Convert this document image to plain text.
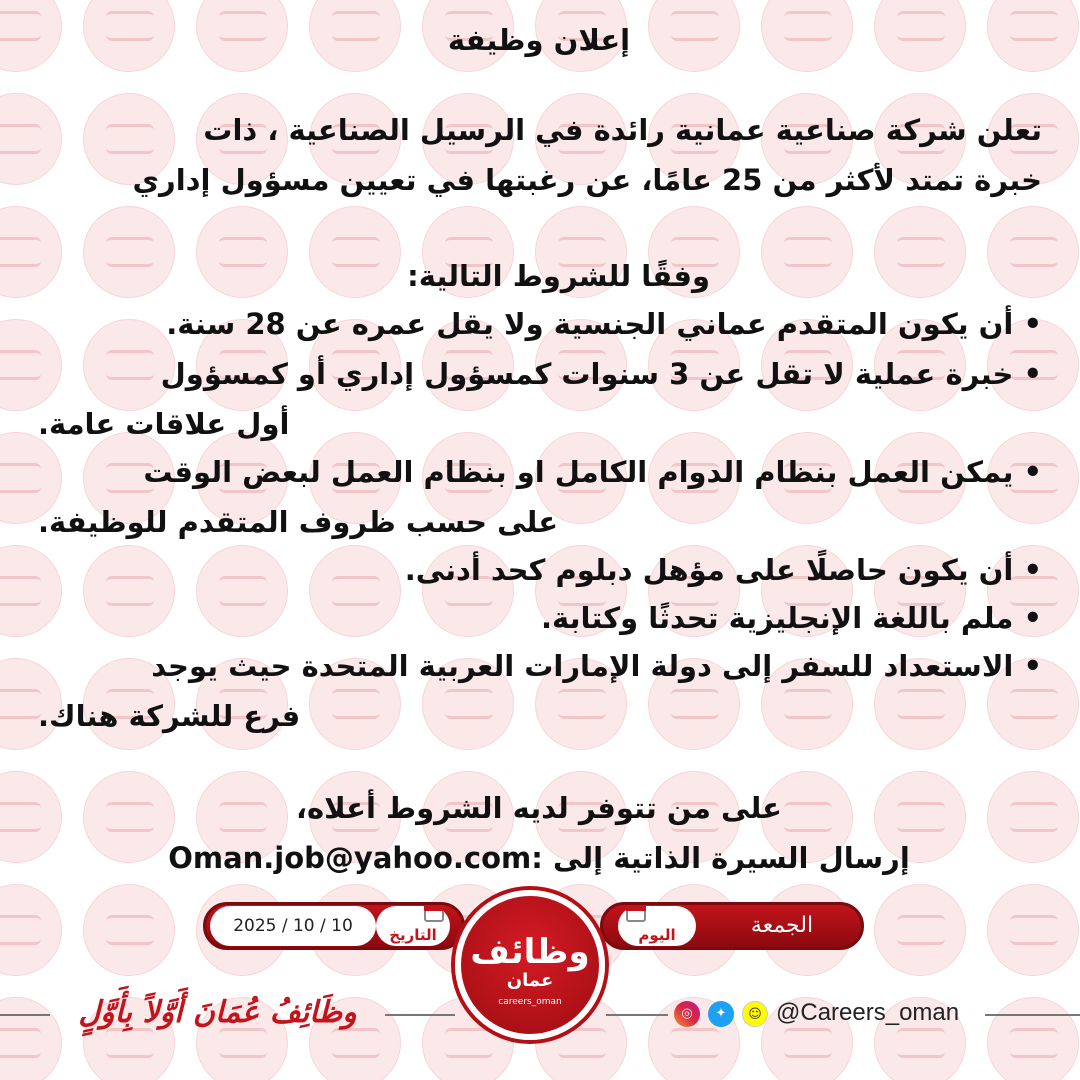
إعلان وظيفة
تعلن شركة صناعية عمانية رائدة في الرسيل الصناعية ، ذات
خبرة تمتد لأكثر من 25 عامًا، عن رغبتها في تعيين مسؤول إداري
وفقًا للشروط التالية:
• أن يكون المتقدم عماني الجنسية ولا يقل عمره عن 28 سنة.
• خبرة عملية لا تقل عن 3 سنوات كمسؤول إداري أو كمسؤول
أول علاقات عامة.
• يمكن العمل بنظام الدوام الكامل او بنظام العمل لبعض الوقت
على حسب ظروف المتقدم للوظيفة.
• أن يكون حاصلًا على مؤهل دبلوم كحد أدنى.
• ملم باللغة الإنجليزية تحدثًا وكتابة.
• الاستعداد للسفر إلى دولة الإمارات العربية المتحدة حيث يوجد
فرع للشركة هناك.
على من تتوفر لديه الشروط أعلاه،
إرسال السيرة الذاتية إلى :Oman.job@yahoo.com
2025 / 10 / 10	التاريخ	اليوم	الجمعة
وظائف
عمان
careers_oman
وظَائِفُ عُمَانَ أَوَّلاً بِأَوَّلٍ	◎	✦	☺ @Careers_oman
